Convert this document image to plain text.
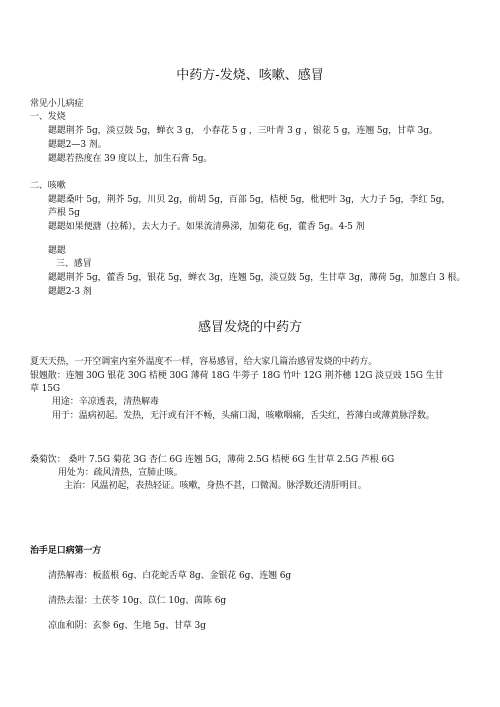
中药方-发烧、咳嗽、感冒
常见小儿病症
一、发烧
鍶鍶荆芥 5g，淡豆鼓 5g，蝉衣 3 g， 小春花 5 g ，三叶青 3 g ，银花 5 g，连翘 5g，甘草 3g。
鍶鍶2—3 剂。
鍶鍶若热度在 39 度以上，加生石膏 5g。
二、咳嗽
鍶鍶桑叶 5g，荆芥 5g，川贝 2g，前胡 5g，百部 5g，桔梗 5g，枇杷叶 3g，大力子 5g，李红 5g，
芦根 5g
鍶鍶如果便溏（拉稀），去大力子。如果流清鼻涕，加菊花 6g，藿香 5g。4-5 剂
鍶鍶
三、感冒
鍶鍶荆芥 5g，藿香 5g，银花 5g，蝉衣 3g，连翘 5g，淡豆鼓 5g，生甘草 3g，薄荷 5g，加葱白 3 根。
鍶鍶2-3 剂
感冒发烧的中药方
夏天天热，一开空调室内室外温度不一样，容易感冒，给大家几篇治感冒发烧的中药方。
银翘散：连翘 30G 银花 30G 桔梗 30G 薄荷 18G 牛蒡子 18G 竹叶 12G 荆芥穗 12G 淡豆豉 15G 生甘
草 15G
用途：辛凉透表，清热解毒
用于：温病初起。发热，无汗或有汗不畅，头痛口渴，咳嗽咽痛，舌尖红，苔薄白或薄黄脉浮数。
桑菊饮： 桑叶 7.5G 菊花 3G 杏仁 6G 连翘 5G，薄荷 2.5G 桔梗 6G 生甘草 2.5G 芦根 6G
用处为：疏风清热，宣肺止咳。
主治：风温初起，表热轻证。咳嗽，身热不甚，口微渴。脉浮数还清肝明目。
治手足口病第一方
清热解毒：板蓝根 6g、白花蛇舌草 8g、金银花 6g、连翘 6g
清热去湿：土茯苓 10g、苡仁 10g、茵陈 6g
凉血和阴：玄参 6g、生地 5g、甘草 3g
